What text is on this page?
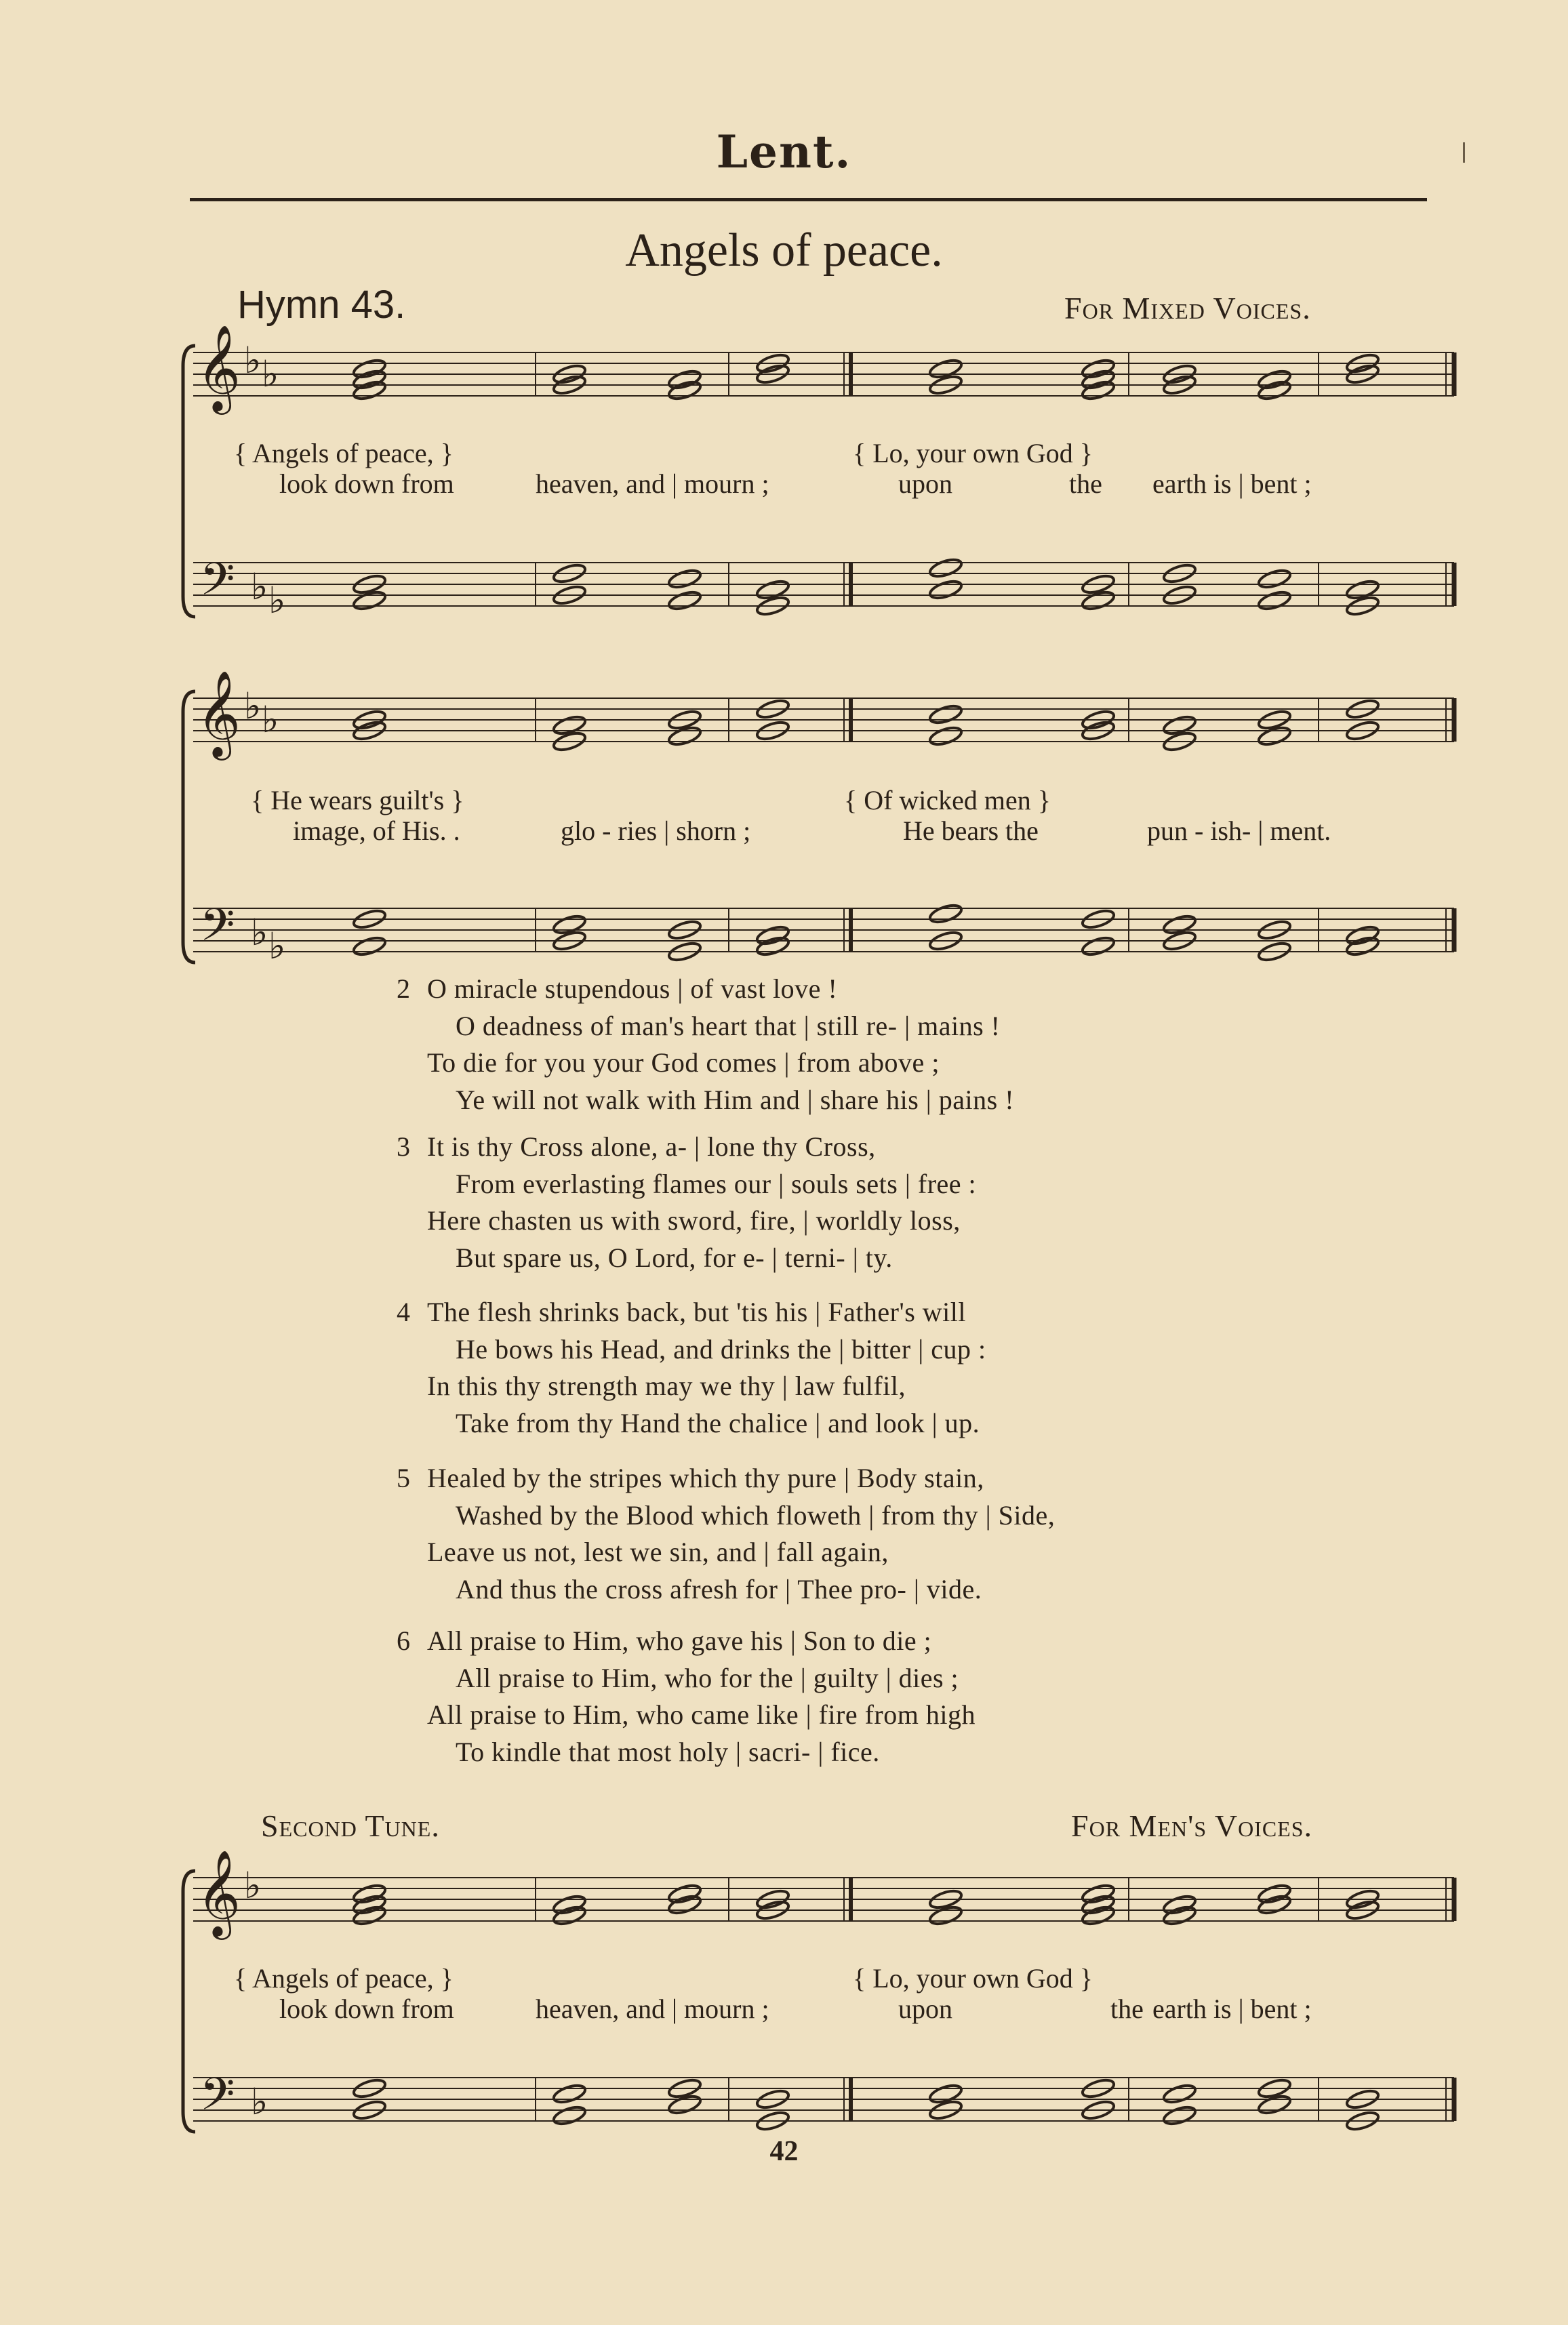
Lent.
Angels of peace.
Hymn 43.	For Mixed Voices.
𝄞 ♭ ♭
𝄢 ♭ ♭
𝄞 ♭ ♭
𝄢 ♭ ♭
𝄞 ♭
𝄢 ♭
{ Angels of peace, }
look down from	heaven, and | mourn ;
{ Lo, your own God }
upon	the earth is | bent ;
{ He wears guilt's }
image, of His. .	glo - ries | shorn ;
{ Of wicked men }
He bears the	pun - ish- | ment.
{ Angels of peace, }
look down from	heaven, and | mourn ;
{ Lo, your own God }
upon	the earth is | bent ;
2 O miracle stupendous | of vast love !
O deadness of man's heart that | still re- | mains !
To die for you your God comes | from above ;
Ye will not walk with Him and | share his | pains !
3 It is thy Cross alone, a- | lone thy Cross,
From everlasting flames our | souls sets | free :
Here chasten us with sword, fire, | worldly loss,
But spare us, O Lord, for e- | terni- | ty.
4 The flesh shrinks back, but 'tis his | Father's will
He bows his Head, and drinks the | bitter | cup :
In this thy strength may we thy | law fulfil,
Take from thy Hand the chalice | and look | up.
5 Healed by the stripes which thy pure | Body stain,
Washed by the Blood which floweth | from thy | Side,
Leave us not, lest we sin, and | fall again,
And thus the cross afresh for | Thee pro- | vide.
6 All praise to Him, who gave his | Son to die ;
All praise to Him, who for the | guilty | dies ;
All praise to Him, who came like | fire from high
To kindle that most holy | sacri- | fice.
Second Tune.	For Men's Voices.
42
